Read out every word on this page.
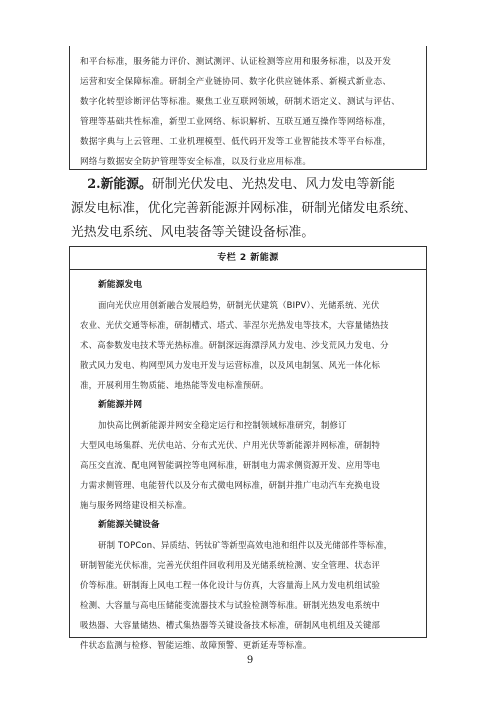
和平台标准，服务能力评价、测试测评、认证检测等应用和服务标准，以及开发

运营和安全保障标准。研制全产业链协同、数字化供应链体系、新模式新业态、

数字化转型诊断评估等标准。聚焦工业互联网领域，研制术语定义、测试与评估、

管理等基础共性标准，新型工业网络、标识解析、互联互通互操作等网络标准，

数据字典与上云管理、工业机理模型、低代码开发等工业智能技术等平台标准，

网络与数据安全防护管理等安全标准，以及行业应用标准。

2.新能源。研制光伏发电、光热发电、风力发电等新能

源发电标准，优化完善新能源并网标准，研制光储发电系统、

光热发电系统、风电装备等关键设备标准。

专栏 2 新能源

新能源发电

面向光伏应用创新融合发展趋势，研制光伏建筑（BIPV）、光储系统、光伏

农业、光伏交通等标准，研制槽式、塔式、菲涅尔光热发电等技术，大容量储热技

术、高参数发电技术等光热标准。研制深远海漂浮风力发电、沙戈荒风力发电、分

散式风力发电、构网型风力发电开发与运营标准，以及风电制氢、风光一体化标

准，开展利用生物质能、地热能等发电标准预研。

新能源并网

加快高比例新能源并网安全稳定运行和控制领域标准研究，制修订

大型风电场集群、光伏电站、分布式光伏、户用光伏等新能源并网标准，研制特

高压交直流、配电网智能调控等电网标准，研制电力需求侧资源开发、应用等电

力需求侧管理、电能替代以及分布式微电网标准，研制并推广电动汽车充换电设

施与服务网络建设相关标准。

新能源关键设备

研制 TOPCon、异质结、钙钛矿等新型高效电池和组件以及光储部件等标准，

研制智能光伏标准，完善光伏组件回收利用及光储系统检测、安全管理、状态评

价等标准。研制海上风电工程一体化设计与仿真，大容量海上风力发电机组试验

检测、大容量与高电压储能变流器技术与试验检测等标准。研制光热发电系统中

吸热器、大容量储热、槽式集热器等关键设备技术标准，研制风电机组及关键部

件状态监测与检修、智能运维、故障预警、更新延寿等标准。

9
